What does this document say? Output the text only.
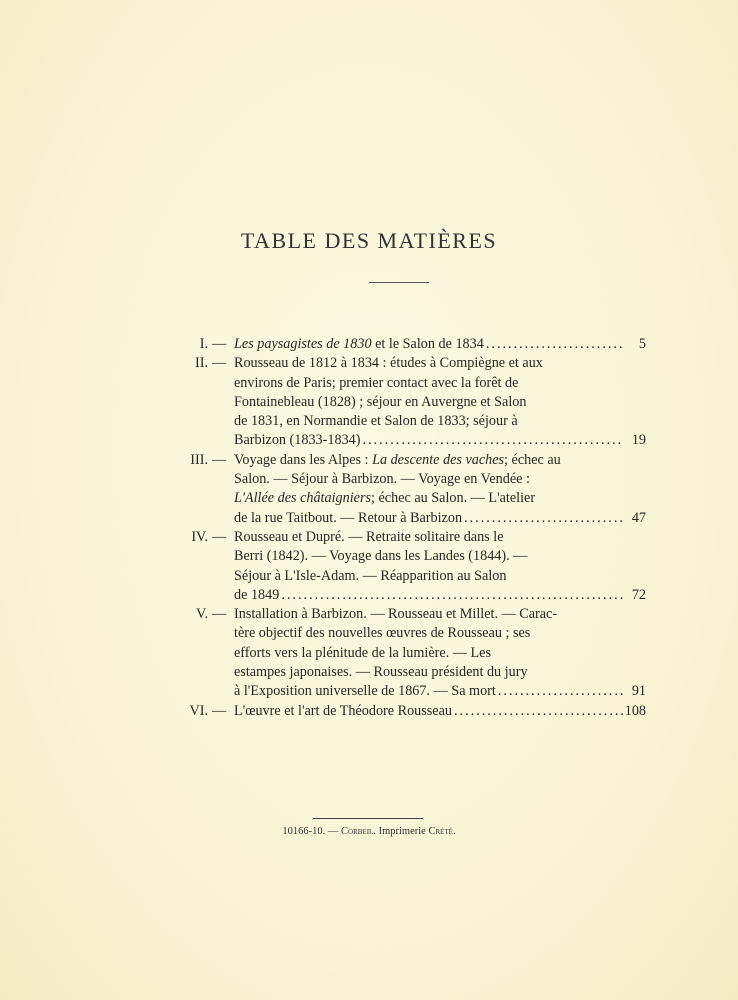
TABLE DES MATIÈRES
I. — Les paysagistes de 1830 et le Salon de 1834 .....	5
II. — Rousseau de 1812 à 1834 : études à Compiègne et aux
environs de Paris; premier contact avec la forêt de
Fontainebleau (1828) ; séjour en Auvergne et Salon
de 1831, en Normandie et Salon de 1833; séjour à
Barbizon (1833-1834) .....	19
III. — Voyage dans les Alpes : La descente des vaches; échec au
Salon. — Séjour à Barbizon. — Voyage en Vendée :
L'Allée des châtaigniers; échec au Salon. — L'atelier
de la rue Taitbout. — Retour à Barbizon .....	47
IV. — Rousseau et Dupré. — Retraite solitaire dans le
Berri (1842). — Voyage dans les Landes (1844). —
Séjour à L'Isle-Adam. — Réapparition au Salon
de 1849 .....	72
V. — Installation à Barbizon. — Rousseau et Millet. — Carac-
tère objectif des nouvelles œuvres de Rousseau ; ses
efforts vers la plénitude de la lumière. — Les
estampes japonaises. — Rousseau président du jury
à l'Exposition universelle de 1867. — Sa mort .....	91
VI. — L'œuvre et l'art de Théodore Rousseau .....	108
10166-10. — Corbeil. Imprimerie Crété.
